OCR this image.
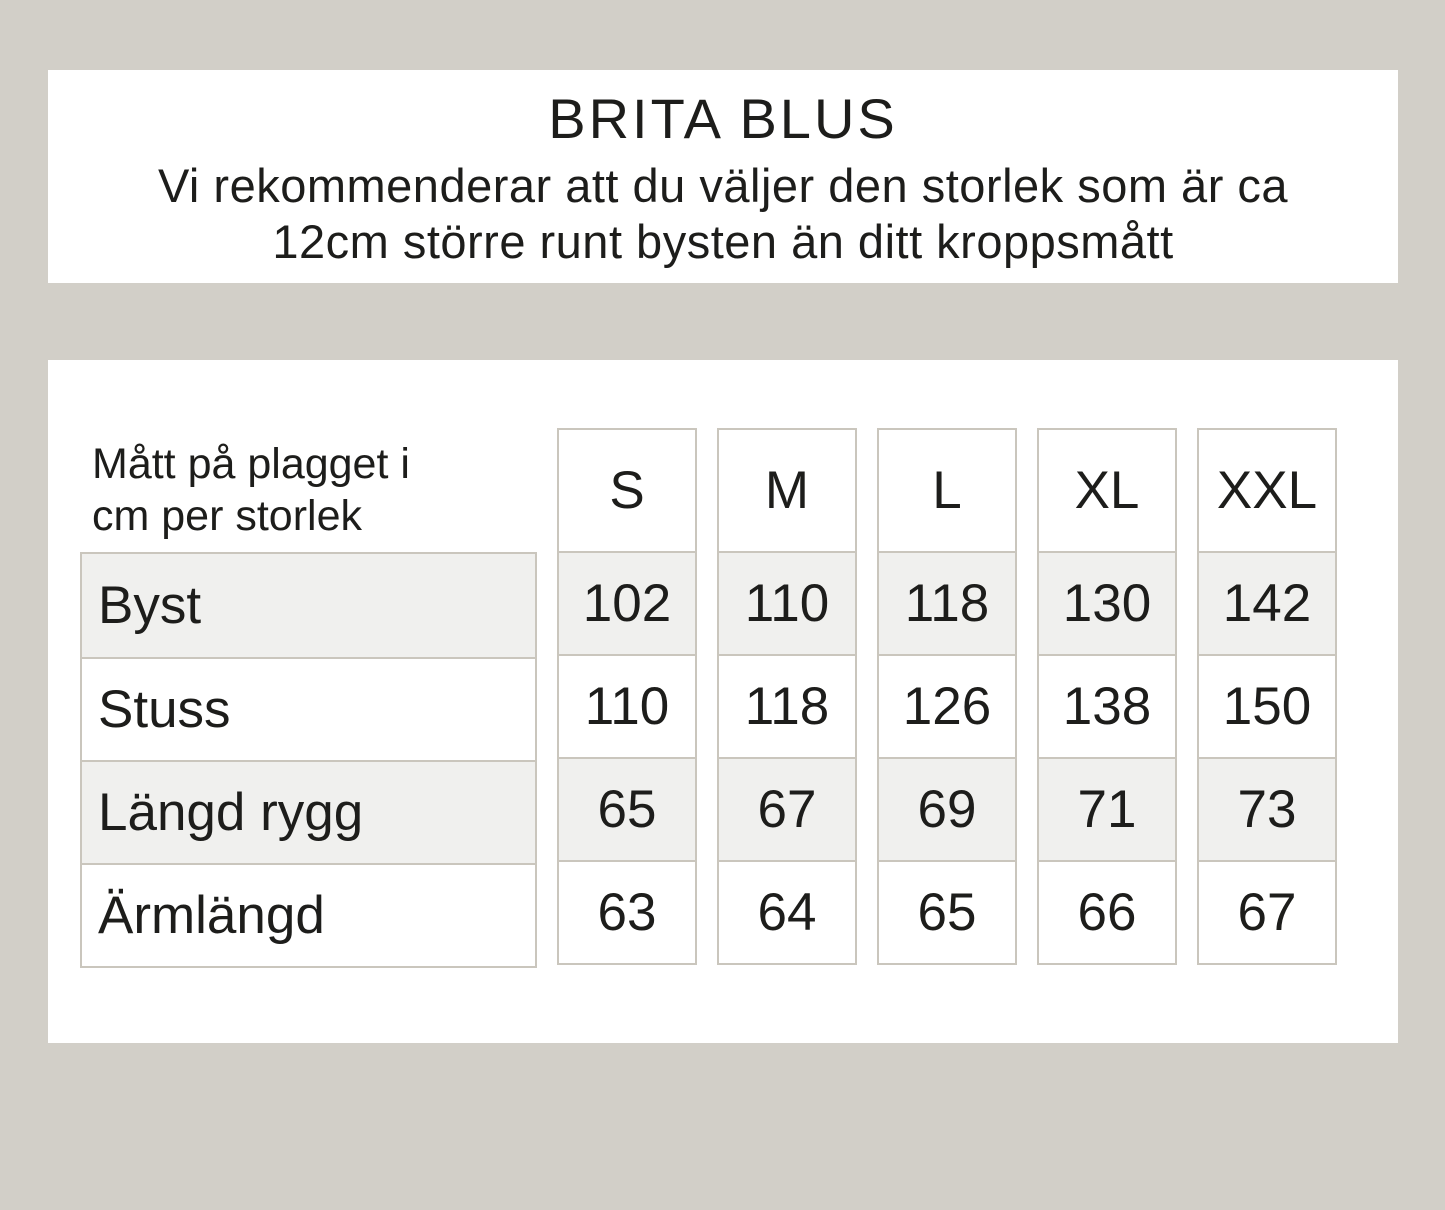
BRITA BLUS

Vi rekommenderar att du väljer den storlek som är ca
12cm större runt bysten än ditt kroppsmått

Mått på plagget i
cm per storlek
Byst
Stuss
Längd rygg
Ärmlängd
S
102
110
65
63
M
110
118
67
64
L
118
126
69
65
XL
130
138
71
66
XXL
142
150
73
67
